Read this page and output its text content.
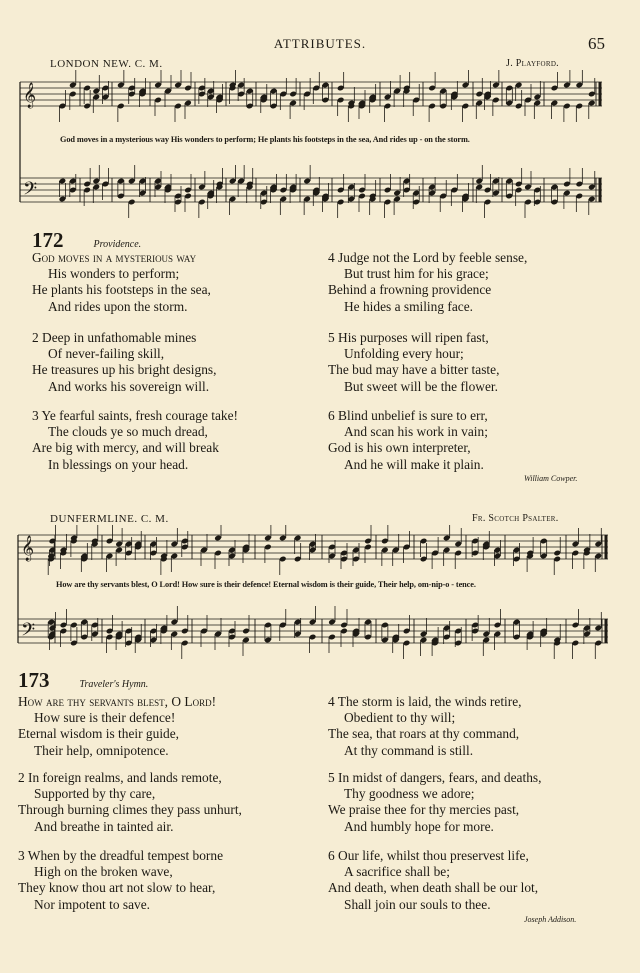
ATTRIBUTES.	65
LONDON NEW. C. M.	J. Playford.
𝄞
𝄢
God moves in a mysterious way His wonders to perform; He plants his footsteps in the sea, And rides up - on the storm.
172	Providence.
God moves in a mysterious way
His wonders to perform;
He plants his footsteps in the sea,
And rides upon the storm.
2 Deep in unfathomable mines
Of never-failing skill,
He treasures up his bright designs,
And works his sovereign will.
3 Ye fearful saints, fresh courage take!
The clouds ye so much dread,
Are big with mercy, and will break
In blessings on your head.
4 Judge not the Lord by feeble sense,
But trust him for his grace;
Behind a frowning providence
He hides a smiling face.
5 His purposes will ripen fast,
Unfolding every hour;
The bud may have a bitter taste,
But sweet will be the flower.
6 Blind unbelief is sure to err,
And scan his work in vain;
God is his own interpreter,
And he will make it plain.
William Cowper.
DUNFERMLINE. C. M.	Fr. Scotch Psalter.
𝄞
𝄢
How are thy servants blest, O Lord! How sure is their defence! Eternal wisdom is their guide, Their help, om-nip-o - tence.
173	Traveler's Hymn.
How are thy servants blest, O Lord!
How sure is their defence!
Eternal wisdom is their guide,
Their help, omnipotence.
2 In foreign realms, and lands remote,
Supported by thy care,
Through burning climes they pass unhurt,
And breathe in tainted air.
3 When by the dreadful tempest borne
High on the broken wave,
They know thou art not slow to hear,
Nor impotent to save.
4 The storm is laid, the winds retire,
Obedient to thy will;
The sea, that roars at thy command,
At thy command is still.
5 In midst of dangers, fears, and deaths,
Thy goodness we adore;
We praise thee for thy mercies past,
And humbly hope for more.
6 Our life, whilst thou preservest life,
A sacrifice shall be;
And death, when death shall be our lot,
Shall join our souls to thee.
Joseph Addison.
